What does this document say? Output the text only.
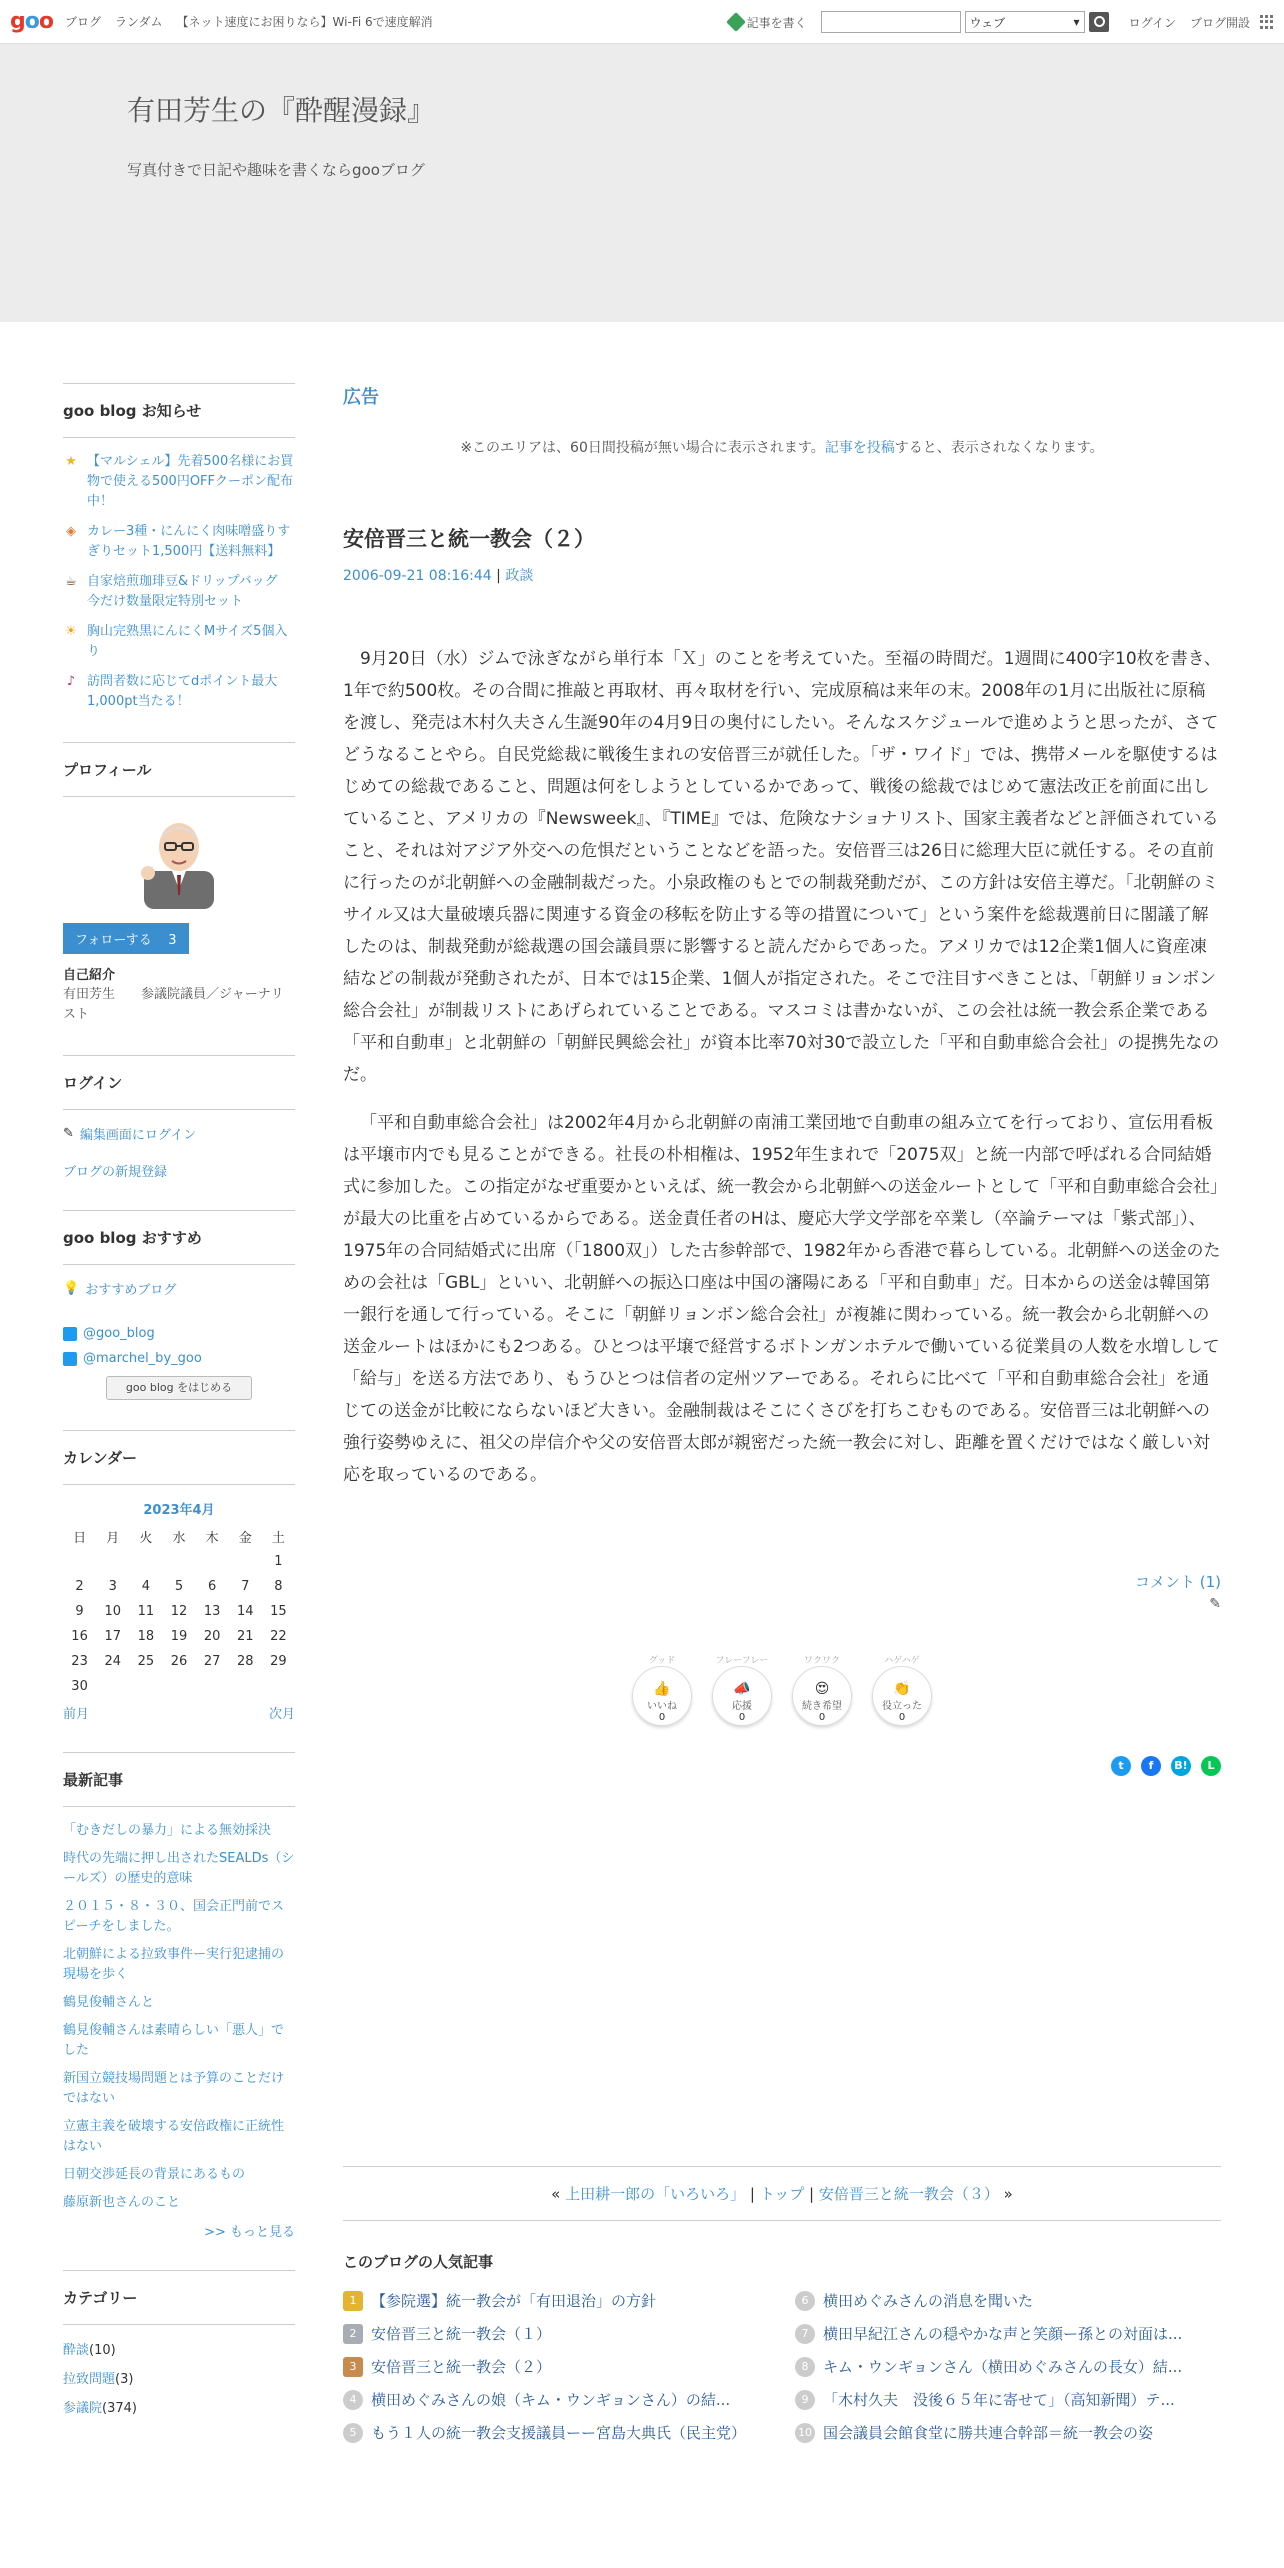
goo ブログ ランダム 【ネット速度にお困りなら】Wi-Fi 6で速度解消	記事を書く	ウェブ	▾	ログイン ブログ開設
有田芳生の『酔醒漫録』
写真付きで日記や趣味を書くならgooブログ
goo blog お知らせ
★ 【マルシェル】先着500名様にお買物で使える500円OFFクーポン配布中！
◈ カレー3種・にんにく肉味噌盛りすぎりセット1,500円【送料無料】
☕ 自家焙煎珈琲豆&ドリップバッグ　今だけ数量限定特別セット
☀ 胸山完熟黒にんにくMサイズ5個入り
♪ 訪問者数に応じてdポイント最大1,000pt当たる！
プロフィール
フォローする 3
自己紹介
有田芳生　　参議院議員／ジャーナリスト
ログイン
✎ 編集画面にログイン
ブログの新規登録
goo blog おすすめ
💡 おすすめブログ
@goo_blog
@marchel_by_goo
goo blog をはじめる
カレンダー
2023年4月
日	月	火	水	木	金	土
						1
2	3	4	5	6	7	8
9	10	11	12	13	14	15
16	17	18	19	20	21	22
23	24	25	26	27	28	29
30						
前月	次月
最新記事
「むきだしの暴力」による無効採決
時代の先端に押し出されたSEALDs（シールズ）の歴史的意味
２０１５・８・３０、国会正門前でスピーチをしました。
北朝鮮による拉致事件ー実行犯逮捕の現場を歩く
鶴見俊輔さんと
鶴見俊輔さんは素晴らしい「悪人」でした
新国立競技場問題とは予算のことだけではない
立憲主義を破壊する安倍政権に正統性はない
日朝交渉延長の背景にあるもの
藤原新也さんのこと
>> もっと見る
カテゴリー
酔談(10)
拉致問題(3)
参議院(374)
広告
※このエリアは、60日間投稿が無い場合に表示されます。記事を投稿すると、表示されなくなります。
安倍晋三と統一教会（２）
2006-09-21 08:16:44 | 政談

9月20日（水）ジムで泳ぎながら単行本「Ｘ」のことを考えていた。至福の時間だ。1週間に400字10枚を書き、1年で約500枚。その合間に推敲と再取材、再々取材を行い、完成原稿は来年の末。2008年の1月に出版社に原稿を渡し、発売は木村久夫さん生誕90年の4月9日の奥付にしたい。そんなスケジュールで進めようと思ったが、さてどうなることやら。自民党総裁に戦後生まれの安倍晋三が就任した。「ザ・ワイド」では、携帯メールを駆使するはじめての総裁であること、問題は何をしようとしているかであって、戦後の総裁ではじめて憲法改正を前面に出していること、アメリカの『Newsweek』、『TIME』では、危険なナショナリスト、国家主義者などと評価されていること、それは対アジア外交への危惧だということなどを語った。安倍晋三は26日に総理大臣に就任する。その直前に行ったのが北朝鮮への金融制裁だった。小泉政権のもとでの制裁発動だが、この方針は安倍主導だ。「北朝鮮のミサイル又は大量破壊兵器に関連する資金の移転を防止する等の措置について」という案件を総裁選前日に閣議了解したのは、制裁発動が総裁選の国会議員票に影響すると読んだからであった。アメリカでは12企業1個人に資産凍結などの制裁が発動されたが、日本では15企業、1個人が指定された。そこで注目すべきことは、「朝鮮リョンボン総合会社」が制裁リストにあげられていることである。マスコミは書かないが、この会社は統一教会系企業である「平和自動車」と北朝鮮の「朝鮮民興総会社」が資本比率70対30で設立した「平和自動車総合会社」の提携先なのだ。

「平和自動車総合会社」は2002年4月から北朝鮮の南浦工業団地で自動車の組み立てを行っており、宣伝用看板は平壌市内でも見ることができる。社長の朴相権は、1952年生まれで「2075双」と統一内部で呼ばれる合同結婚式に参加した。この指定がなぜ重要かといえば、統一教会から北朝鮮への送金ルートとして「平和自動車総合会社」が最大の比重を占めているからである。送金責任者のHは、慶応大学文学部を卒業し（卒論テーマは「紫式部」）、1975年の合同結婚式に出席（「1800双」）した古参幹部で、1982年から香港で暮らしている。北朝鮮への送金のための会社は「GBL」といい、北朝鮮への振込口座は中国の瀋陽にある「平和自動車」だ。日本からの送金は韓国第一銀行を通して行っている。そこに「朝鮮リョンボン総合会社」が複雑に関わっている。統一教会から北朝鮮への送金ルートはほかにも2つある。ひとつは平壌で経営するボトンガンホテルで働いている従業員の人数を水増しして「給与」を送る方法であり、もうひとつは信者の定州ツアーである。それらに比べて「平和自動車総合会社」を通じての送金が比較にならないほど大きい。金融制裁はそこにくさびを打ちこむものである。安倍晋三は北朝鮮への強行姿勢ゆえに、祖父の岸信介や父の安倍晋太郎が親密だった統一教会に対し、距離を置くだけではなく厳しい対応を取っているのである。

コメント (1)
✎
グッド
👍
いいね
0
フレーフレー
📣
応援
0
ワクワク
😍
続き希望
0
ハゲハゲ
👏
役立った
0
t	f	B!	L
« 上田耕一郎の「いろいろ」 | トップ | 安倍晋三と統一教会（３） »
このブログの人気記事
1 【参院選】統一教会が「有田退治」の方針	6 横田めぐみさんの消息を聞いた
2 安倍晋三と統一教会（１）	7 横田早紀江さんの穏やかな声と笑顔ー孫との対面は...
3 安倍晋三と統一教会（２）	8 キム・ウンギョンさん（横田めぐみさんの長女）結...
4 横田めぐみさんの娘（キム・ウンギョンさん）の結...	9 「木村久夫　没後６５年に寄せて」（高知新聞）テ...
5 もう１人の統一教会支援議員ーー宮島大典氏（民主党）	10 国会議員会館食堂に勝共連合幹部＝統一教会の姿
